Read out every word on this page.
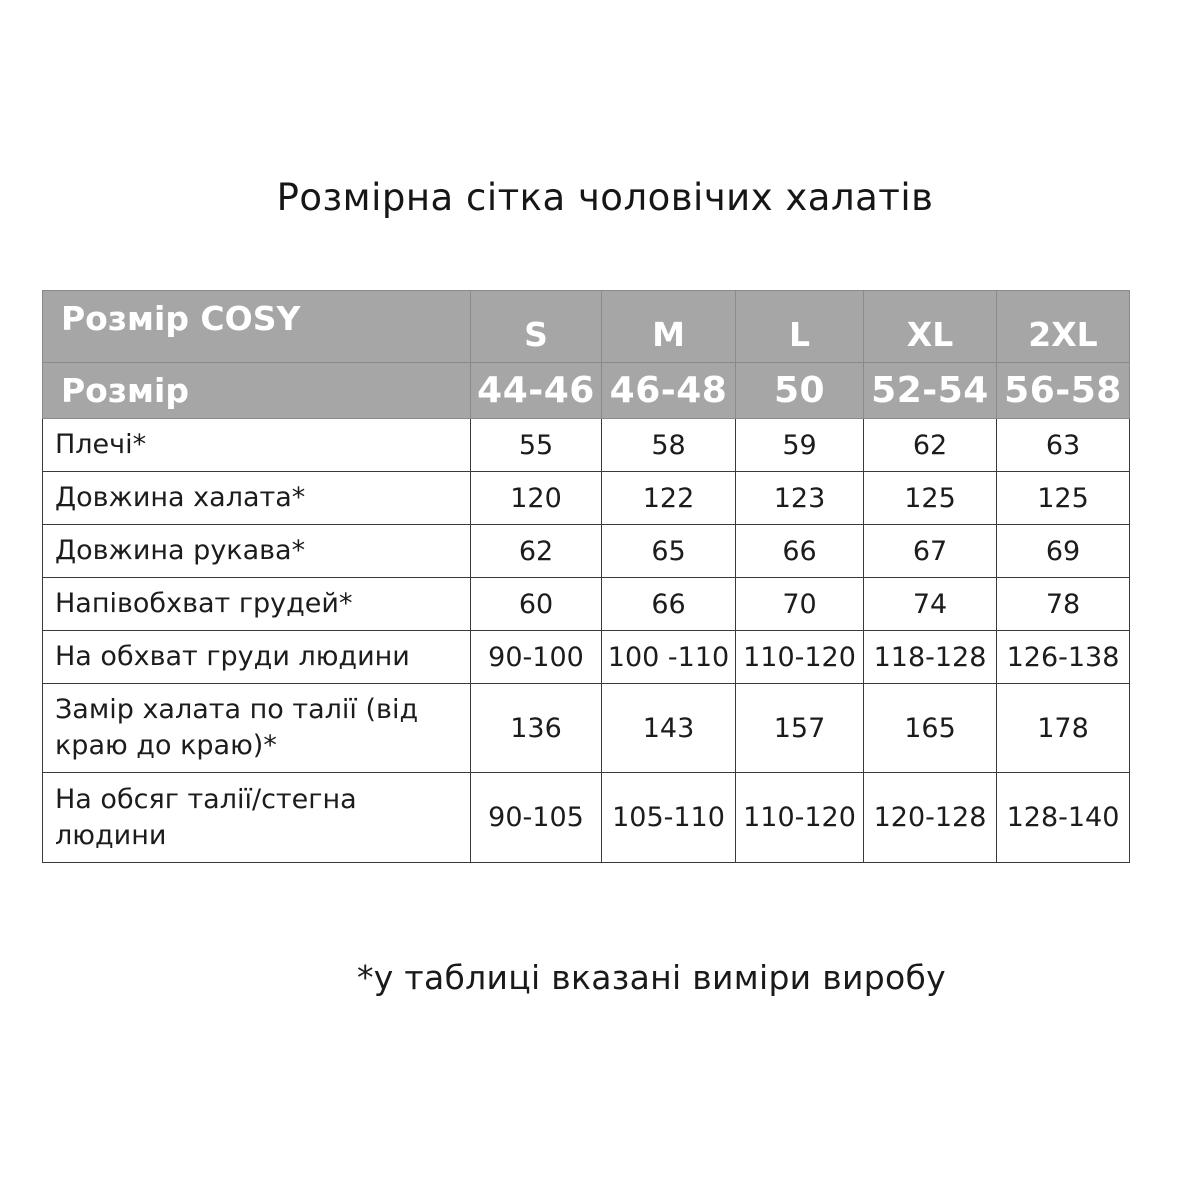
Розмірна сітка чоловічих халатів
Розмір COSY	S	M	L	XL	2XL
Розмір	44-46	46-48	50	52-54	56-58
Плечі*	55	58	59	62	63
Довжина халата*	120	122	123	125	125
Довжина рукава*	62	65	66	67	69
Напівобхват грудей*	60	66	70	74	78
На обхват груди людини	90-100	100 -110	110-120	118-128	126-138
Замір халата по талії (від краю до краю)*	136	143	157	165	178
На обсяг талії/стегна людини	90-105	105-110	110-120	120-128	128-140
*у таблиці вказані виміри виробу
